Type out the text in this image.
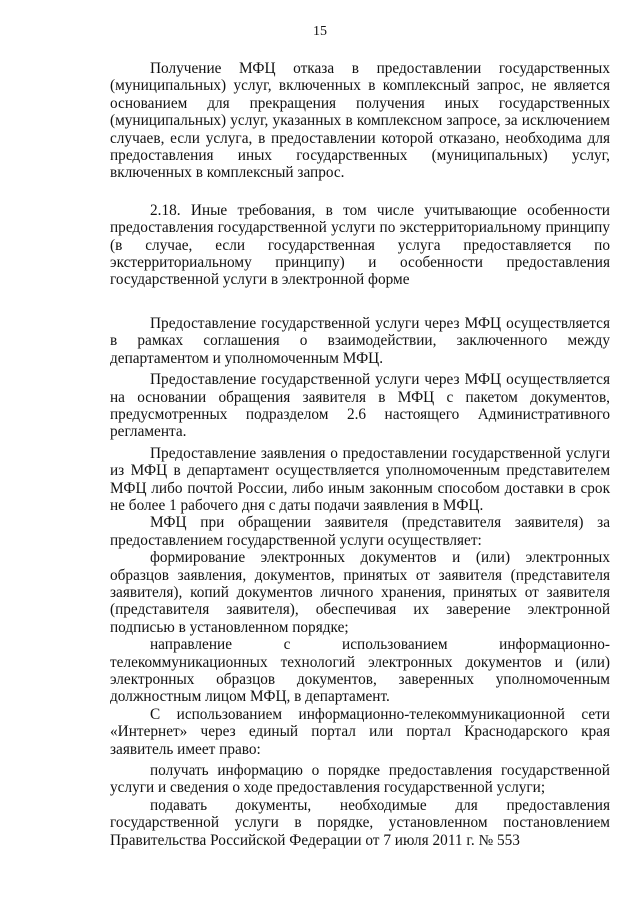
15

Получение МФЦ отказа в предоставлении государственных (муниципальных) услуг, включенных в комплексный запрос, не является основанием для прекращения получения иных государственных (муниципальных) услуг, указанных в комплексном запросе, за исключением случаев, если услуга, в предоставлении которой отказано, необходима для предоставления иных государственных (муниципальных) услуг, включенных в комплексный запрос.

2.18. Иные требования, в том числе учитывающие особенности предоставления государственной услуги по экстерриториальному принципу (в случае, если государственная услуга предоставляется по экстерриториальному принципу) и особенности предоставления государственной услуги в электронной форме

Предоставление государственной услуги через МФЦ осуществляется в рамках соглашения о взаимодействии, заключенного между департаментом и уполномоченным МФЦ.

Предоставление государственной услуги через МФЦ осуществляется на основании обращения заявителя в МФЦ с пакетом документов, предусмотренных подразделом 2.6 настоящего Административного регламента.

Предоставление заявления о предоставлении государственной услуги из МФЦ в департамент осуществляется уполномоченным представителем МФЦ либо почтой России, либо иным законным способом доставки в срок не более 1 рабочего дня с даты подачи заявления в МФЦ.

МФЦ при обращении заявителя (представителя заявителя) за предоставлением государственной услуги осуществляет:

формирование электронных документов и (или) электронных образцов заявления, документов, принятых от заявителя (представителя заявителя), копий документов личного хранения, принятых от заявителя (представителя заявителя), обеспечивая их заверение электронной подписью в установленном порядке;

направление с использованием информационно-телекоммуникационных технологий электронных документов и (или) электронных образцов документов, заверенных уполномоченным должностным лицом МФЦ, в департамент.

С использованием информационно-телекоммуникационной сети «Интернет» через единый портал или портал Краснодарского края заявитель имеет право:

получать информацию о порядке предоставления государственной услуги и сведения о ходе предоставления государственной услуги;

подавать документы, необходимые для предоставления государственной услуги в порядке, установленном постановлением Правительства Российской Федерации от 7 июля 2011 г. № 553
